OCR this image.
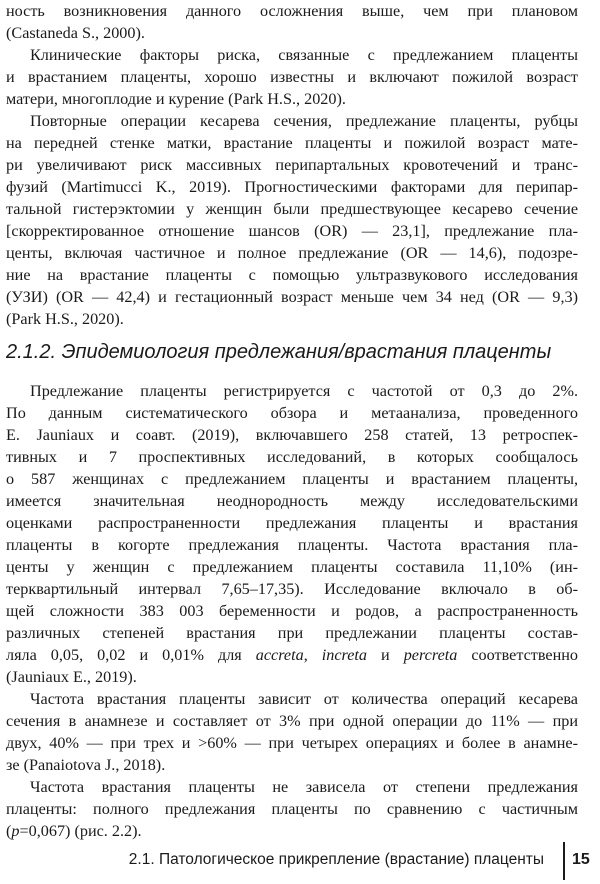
ность возникновения данного осложнения выше, чем при плановом
(Castaneda S., 2000).
Клинические факторы риска, связанные с предлежанием плаценты
и врастанием плаценты, хорошо известны и включают пожилой возраст
матери, многоплодие и курение (Park H.S., 2020).
Повторные операции кесарева сечения, предлежание плаценты, рубцы
на передней стенке матки, врастание плаценты и пожилой возраст мате-
ри увеличивают риск массивных перипартальных кровотечений и транс-
фузий (Martimucci K., 2019). Прогностическими факторами для перипар-
тальной гистерэктомии у женщин были предшествующее кесарево сечение
[скорректированное отношение шансов (OR) — 23,1], предлежание пла-
центы, включая частичное и полное предлежание (OR — 14,6), подозре-
ние на врастание плаценты с помощью ультразвукового исследования
(УЗИ) (OR — 42,4) и гестационный возраст меньше чем 34 нед (OR — 9,3)
(Park H.S., 2020).
2.1.2. Эпидемиология предлежания/врастания плаценты
Предлежание плаценты регистрируется с частотой от 0,3 до 2%.
По данным систематического обзора и метаанализа, проведенного
E. Jauniaux и соавт. (2019), включавшего 258 статей, 13 ретроспек-
тивных и 7 проспективных исследований, в которых сообщалось
о 587 женщинах с предлежанием плаценты и врастанием плаценты,
имеется значительная неоднородность между исследовательскими
оценками распространенности предлежания плаценты и врастания
плаценты в когорте предлежания плаценты. Частота врастания пла-
центы у женщин с предлежанием плаценты составила 11,10% (ин-
терквартильный интервал 7,65–17,35). Исследование включало в об-
щей сложности 383 003 беременности и родов, а распространенность
различных степеней врастания при предлежании плаценты состав-
ляла 0,05, 0,02 и 0,01% для accreta, increta и percreta соответственно
(Jauniaux E., 2019).
Частота врастания плаценты зависит от количества операций кесарева
сечения в анамнезе и составляет от 3% при одной операции до 11% — при
двух, 40% — при трех и >60% — при четырех операциях и более в анамне-
зе (Panaiotova J., 2018).
Частота врастания плаценты не зависела от степени предлежания
плаценты: полного предлежания плаценты по сравнению с частичным
(p=0,067) (рис. 2.2).
2.1. Патологическое прикрепление (врастание) плаценты 15
